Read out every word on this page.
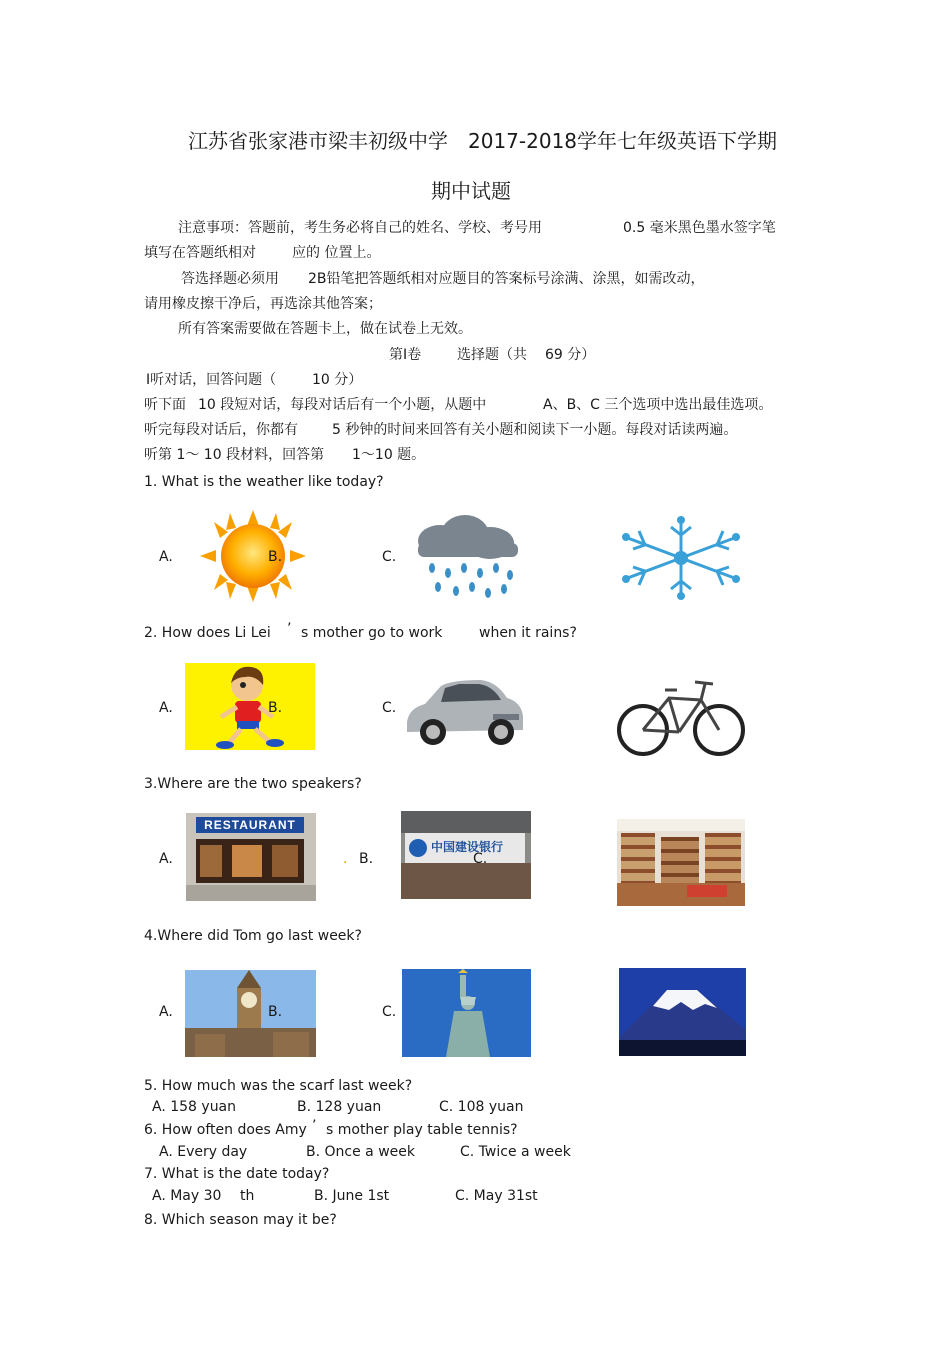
江苏省张家港市梁丰初级中学　2017-2018学年七年级英语下学期
期中试题
注意事项：答题前，考生务必将自己的姓名、学校、考号用	0.5 毫米黑色墨水签字笔
填写在答题纸相对	应的 位置上。
答选择题必须用 2B铅笔把答题纸相对应题目的答案标号涂满、涂黑，如需改动，
请用橡皮擦干净后，再选涂其他答案；
所有答案需要做在答题卡上，做在试卷上无效。
第Ⅰ卷	选择题（共 69 分）
Ⅰ听对话，回答问题（	10 分）
听下面 10 段短对话，每段对话后有一个小题，从题中	A、B、C 三个选项中选出最佳选项。
听完每段对话后，你都有 5 秒钟的时间来回答有关小题和阅读下一小题。每段对话读两遍。
听第 1～ 10 段材料，回答第 1～10 题。
1. What is the weather like today?
A.	B.	C.
2. How does Li Lei ’ s mother go to work	when it rains?
A.	B.	C.
3.Where are the two speakers?
RESTAURANT
A.	. B.
中国建设银行
C.
4.Where did Tom go last week?
A.	B.	C.
5. How much was the scarf last week?
A. 158 yuan	B. 128 yuan	C. 108 yuan
6. How often does Amy ’ s mother play table tennis?
A. Every day	B. Once a week	C. Twice a week
7. What is the date today?
A. May 30 th	B. June 1st	C. May 31st
8. Which season may it be?
